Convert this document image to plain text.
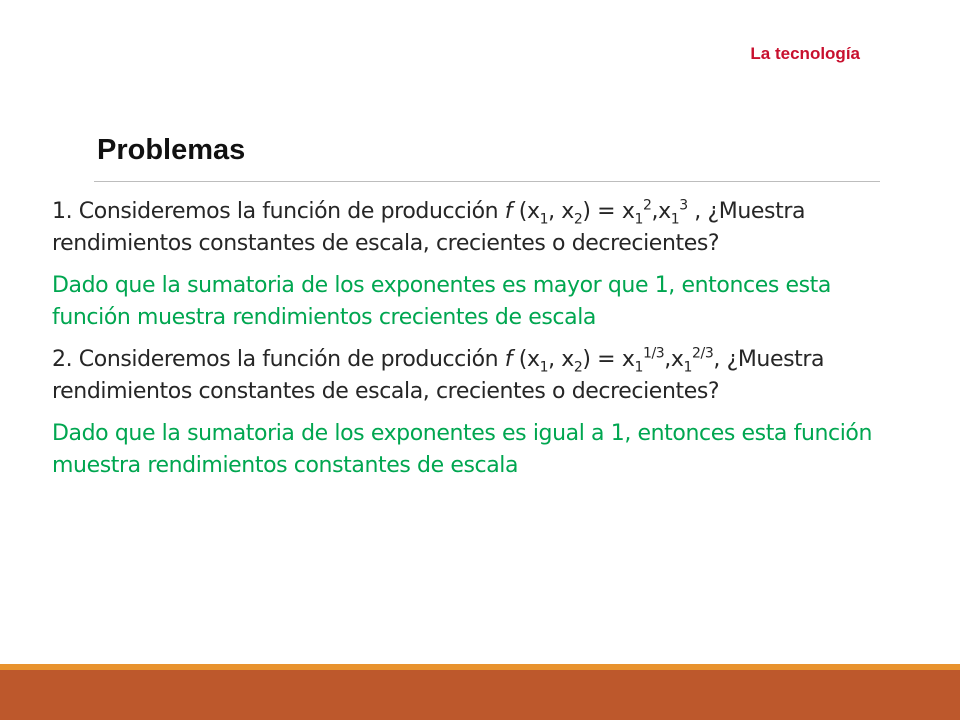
La tecnología
Problemas

1. Consideremos la función de producción f ($x_1$, $x_2) = x_1^2,x_1^3$ , ¿Muestra rendimientos constantes de escala, crecientes o decrecientes?

Dado que la sumatoria de los exponentes es mayor que 1, entonces esta función muestra rendimientos crecientes de escala

2. Consideremos la función de producción f ($x_1$, $x_2) = x_1^{1/3},x_1^{2/3}$, ¿Muestra rendimientos constantes de escala, crecientes o decrecientes?

Dado que la sumatoria de los exponentes es igual a 1, entonces esta función muestra rendimientos constantes de escala
